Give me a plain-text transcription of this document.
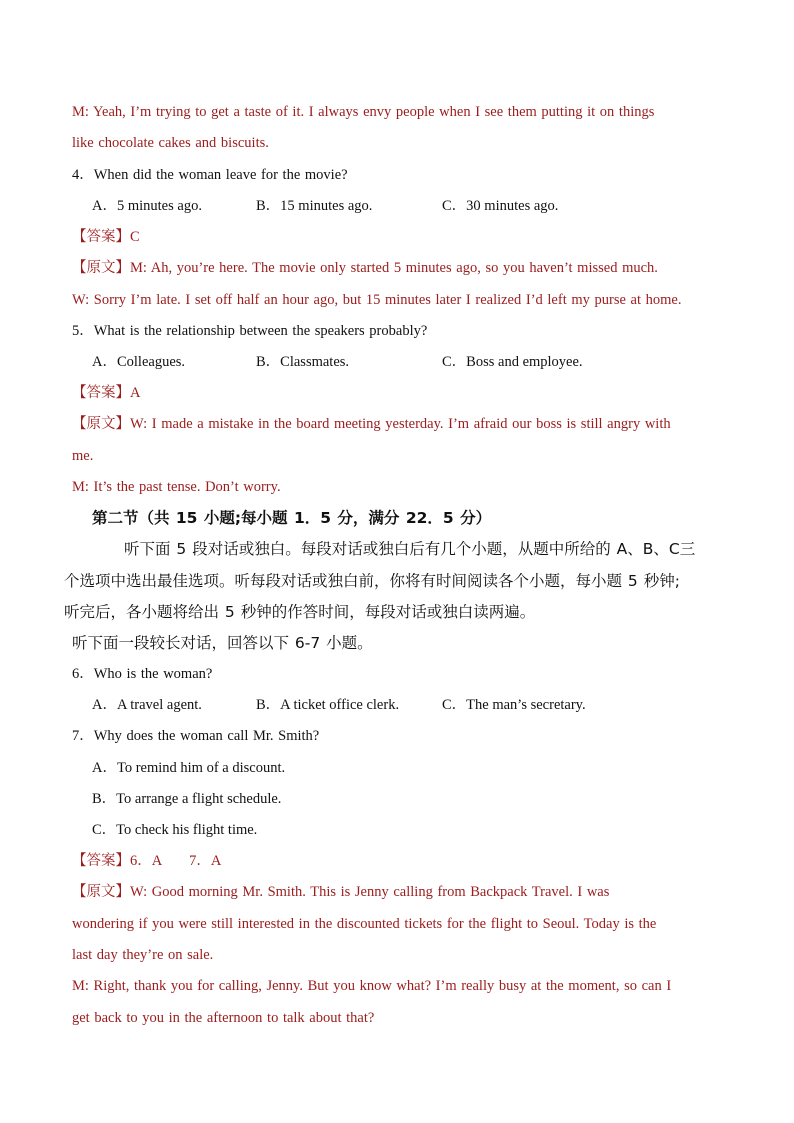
M: Yeah, I’m trying to get a taste of it. I always envy people when I see them putting it on things
like chocolate cakes and biscuits.
4．When did the woman leave for the movie?
A．5 minutes ago.	B．15 minutes ago.	C．30 minutes ago.
【答案】C
【原文】M: Ah, you’re here. The movie only started 5 minutes ago, so you haven’t missed much.
W: Sorry I’m late. I set off half an hour ago, but 15 minutes later I realized I’d left my purse at home.
5．What is the relationship between the speakers probably?
A．Colleagues.	B．Classmates.	C．Boss and employee.
【答案】A
【原文】W: I made a mistake in the board meeting yesterday. I’m afraid our boss is still angry with
me.
M: It’s the past tense. Don’t worry.
第二节（共 15 小题;每小题 1．5 分，满分 22．5 分）
听下面 5 段对话或独白。每段对话或独白后有几个小题，从题中所给的 A、B、C三
个选项中选出最佳选项。听每段对话或独白前，你将有时间阅读各个小题，每小题 5 秒钟;
听完后，各小题将给出 5 秒钟的作答时间，每段对话或独白读两遍。
听下面一段较长对话，回答以下 6-7 小题。
6．Who is the woman?
A．A travel agent.	B．A ticket office clerk.	C．The man’s secretary.
7．Why does the woman call Mr. Smith?
A．To remind him of a discount.
B．To arrange a flight schedule.
C．To check his flight time.
【答案】6．A      7．A
【原文】W: Good morning Mr. Smith. This is Jenny calling from Backpack Travel. I was
wondering if you were still interested in the discounted tickets for the flight to Seoul. Today is the
last day they’re on sale.
M: Right, thank you for calling, Jenny. But you know what? I’m really busy at the moment, so can I
get back to you in the afternoon to talk about that?
